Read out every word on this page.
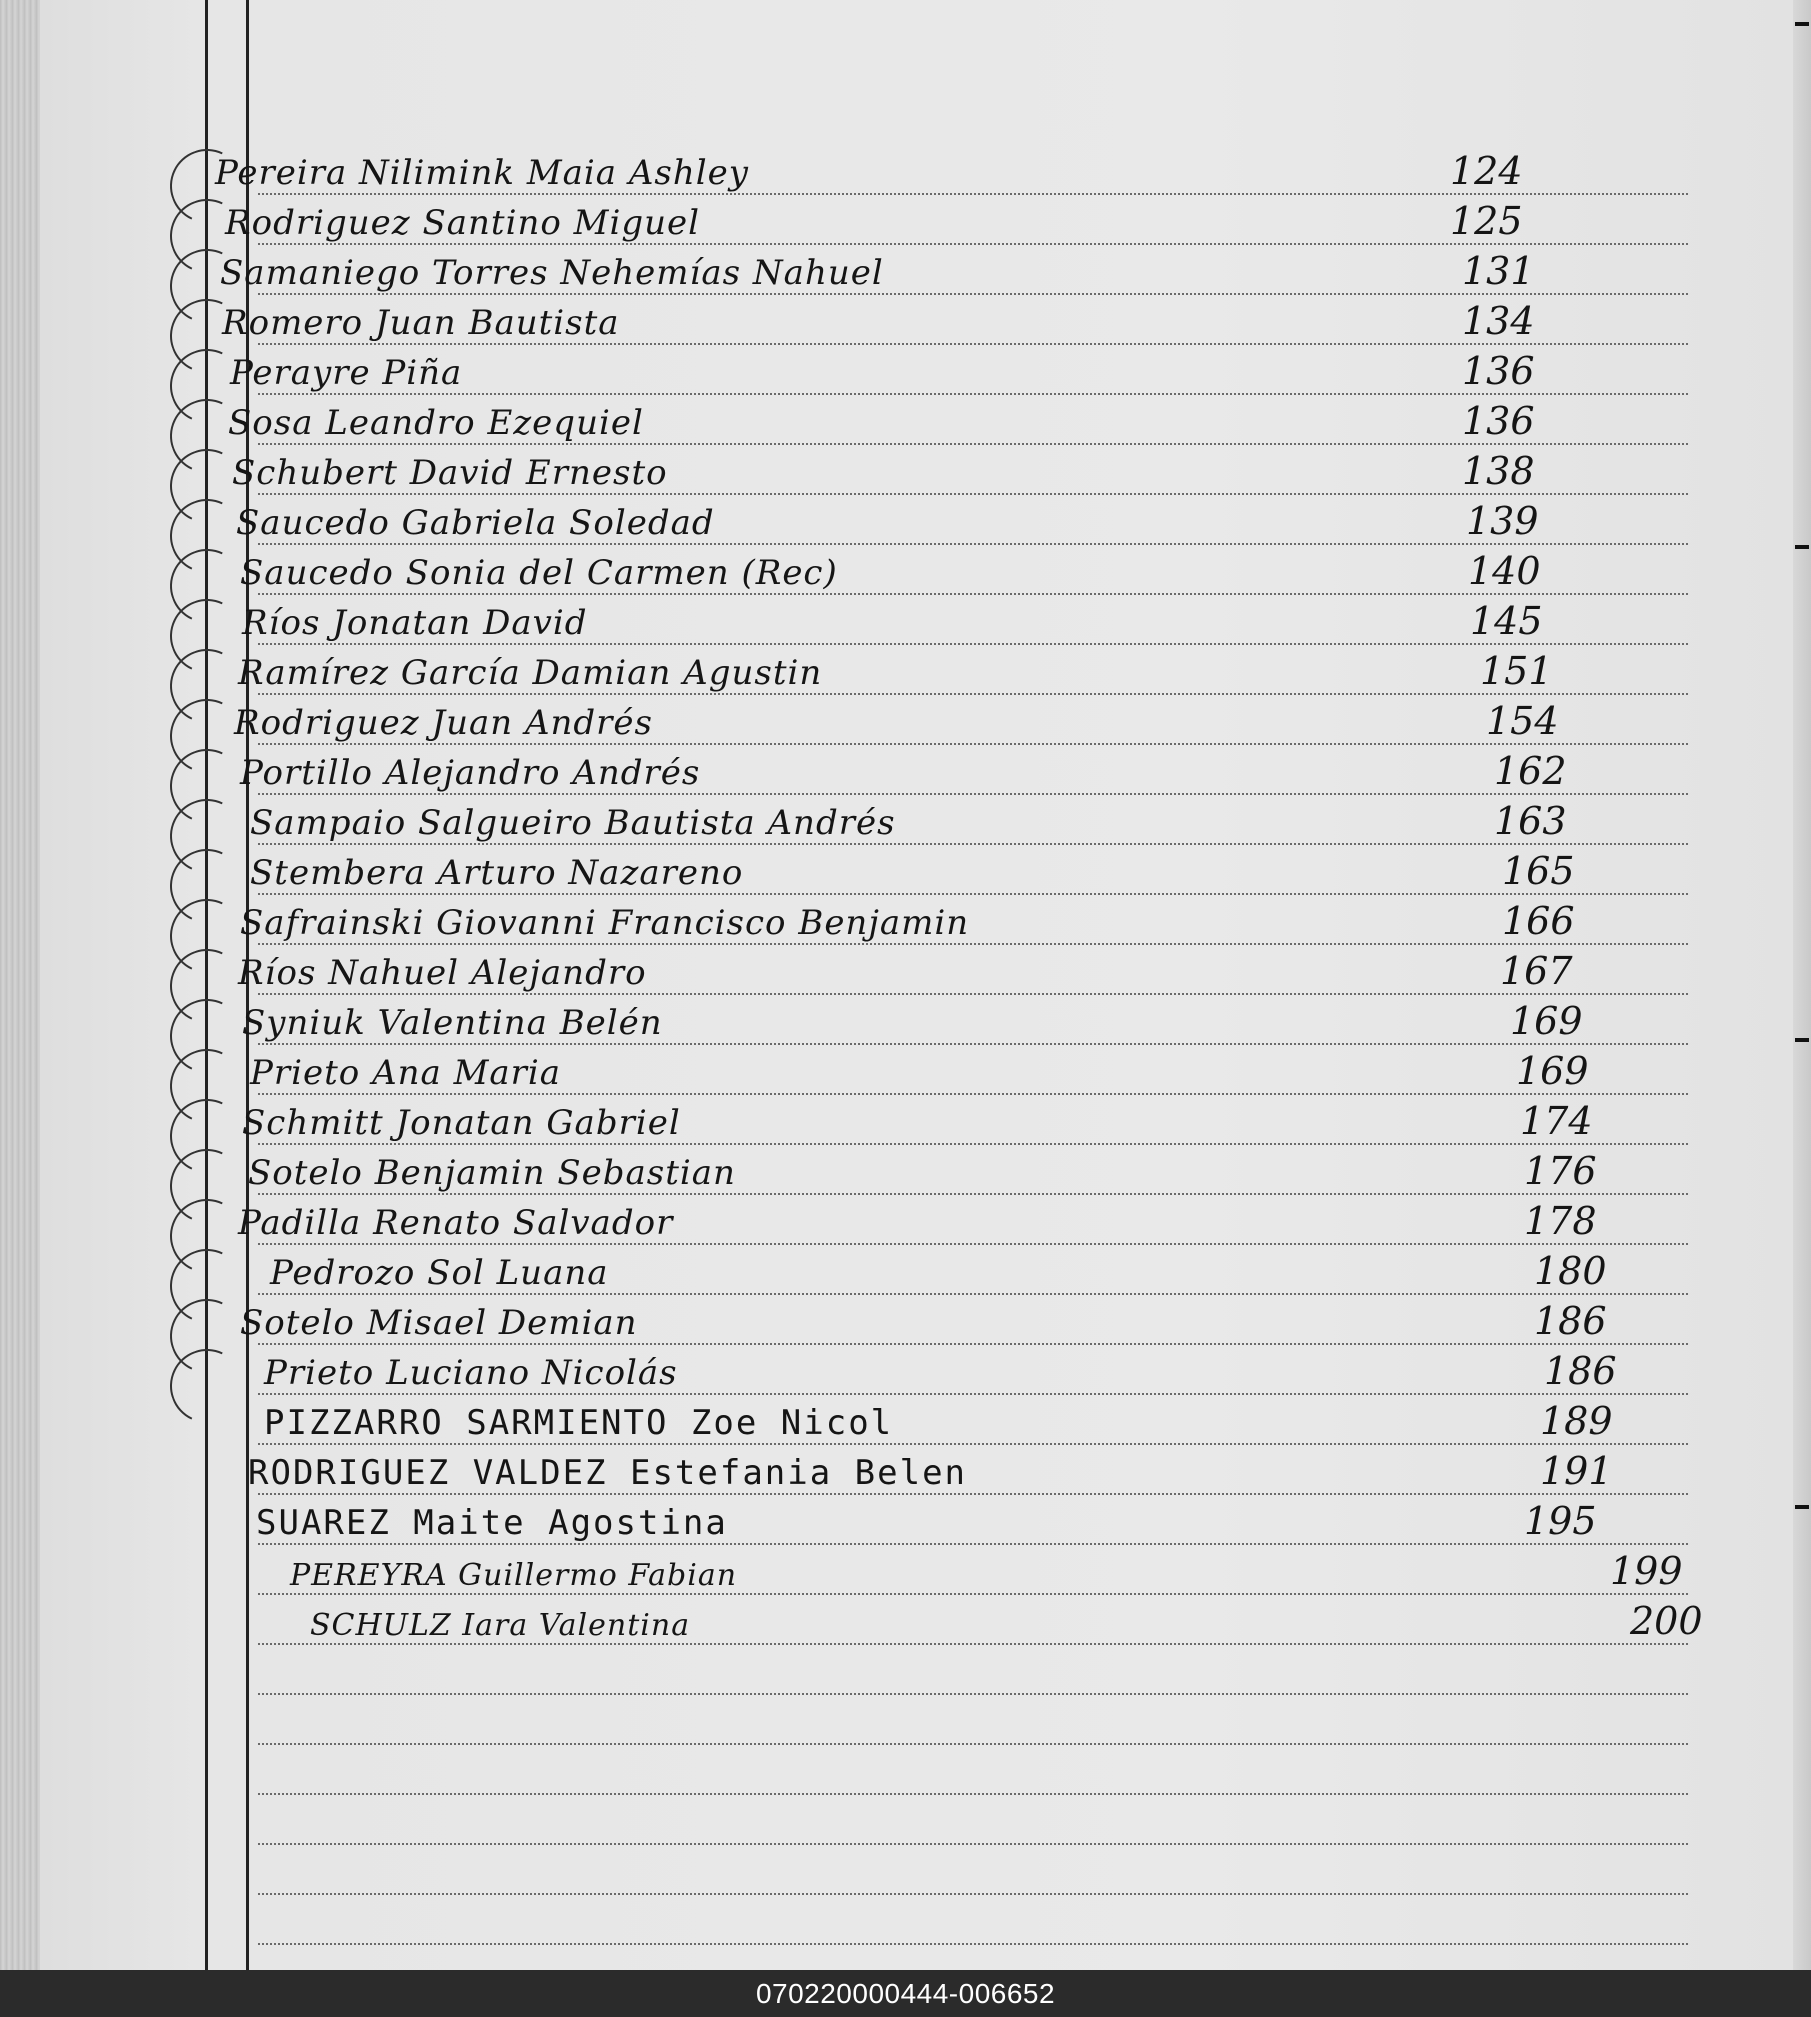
Pereira Nilimink Maia Ashley	124
Rodriguez Santino Miguel	125
Samaniego Torres Nehemías Nahuel	131
Romero Juan Bautista	134
Perayre Piña	136
Sosa Leandro Ezequiel	136
Schubert David Ernesto	138
Saucedo Gabriela Soledad	139
Saucedo Sonia del Carmen (Rec)	140
Ríos Jonatan David	145
Ramírez García Damian Agustin	151
Rodriguez Juan Andrés	154
Portillo Alejandro Andrés	162
Sampaio Salgueiro Bautista Andrés	163
Stembera Arturo Nazareno	165
Safrainski Giovanni Francisco Benjamin	166
Ríos Nahuel Alejandro	167
Syniuk Valentina Belén	169
Prieto Ana Maria	169
Schmitt Jonatan Gabriel	174
Sotelo Benjamin Sebastian	176
Padilla Renato Salvador	178
Pedrozo Sol Luana	180
Sotelo Misael Demian	186
Prieto Luciano Nicolás	186
PIZZARRO SARMIENTO Zoe Nicol	189
RODRIGUEZ VALDEZ Estefania Belen	191
SUAREZ Maite Agostina	195
PEREYRA Guillermo Fabian	199
SCHULZ Iara Valentina	200
070220000444-006652
